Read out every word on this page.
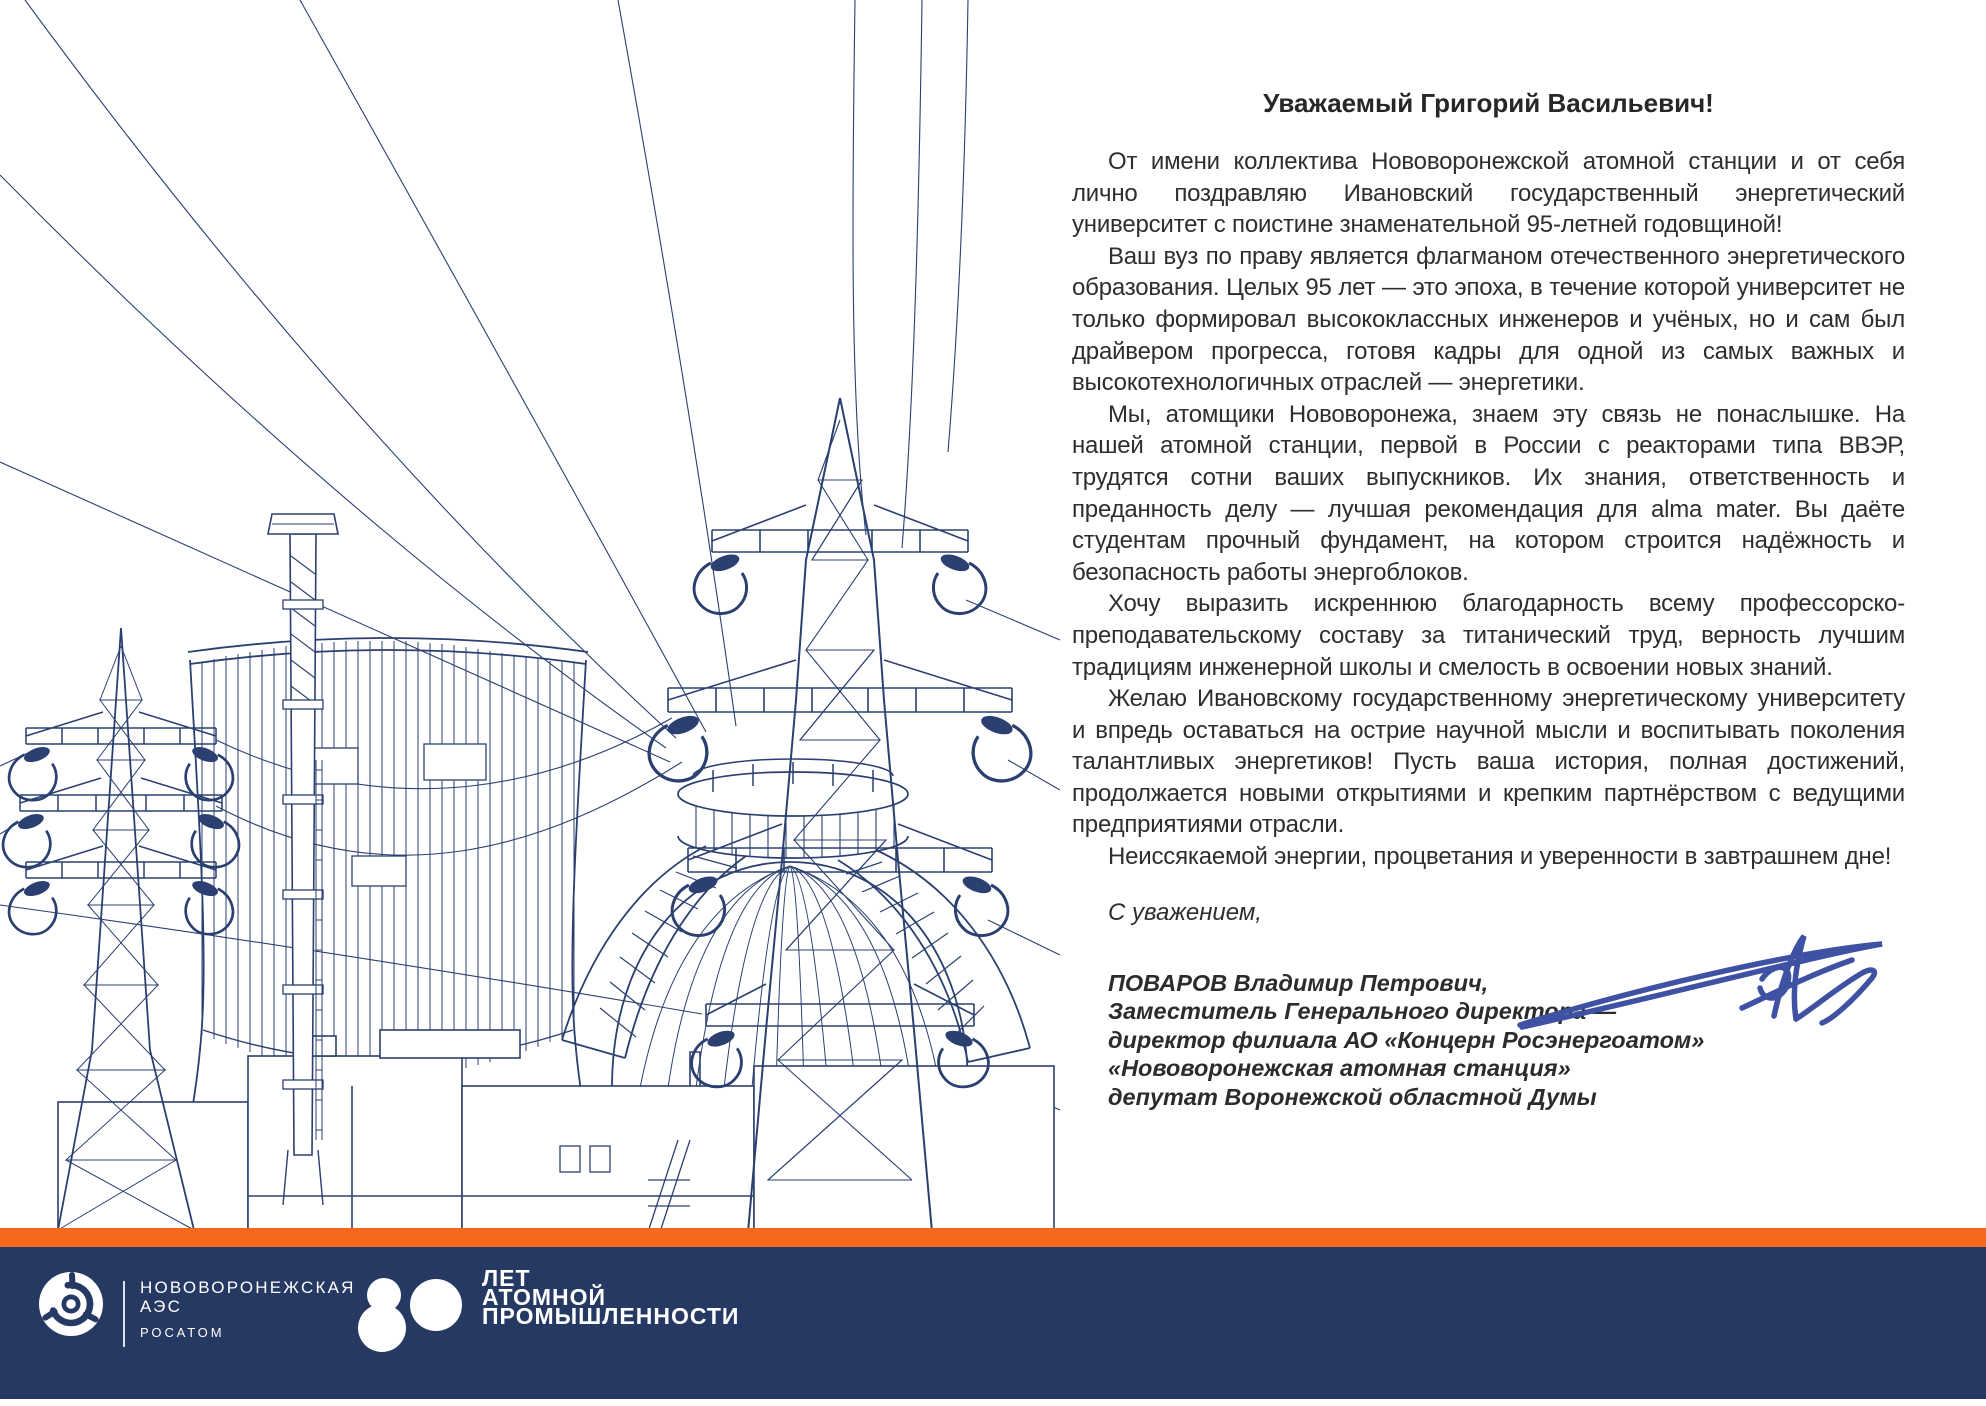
Уважаемый Григорий Васильевич!

От имени коллектива Нововоронежской атомной станции и от себя лично поздравляю Ивановский государственный энергетический университет с поистине знаменательной 95-летней годовщиной!

Ваш вуз по праву является флагманом отечественного энергетического образования. Целых 95 лет — это эпоха, в течение которой университет не только формировал высококлассных инженеров и учёных, но и сам был драйвером прогресса, готовя кадры для одной из самых важных и высокотехнологичных отраслей — энергетики.

Мы, атомщики Нововоронежа, знаем эту связь не понаслышке. На нашей атомной станции, первой в России с реакторами типа ВВЭР, трудятся сотни ваших выпускников. Их знания, ответственность и преданность делу — лучшая рекомендация для alma mater. Вы даёте студентам прочный фундамент, на котором строится надёжность и безопасность работы энергоблоков.

Хочу выразить искреннюю благодарность всему профессорско-преподавательскому составу за титанический труд, верность лучшим традициям инженерной школы и смелость в освоении новых знаний.

Желаю Ивановскому государственному энергетическому университету и впредь оставаться на острие научной мысли и воспитывать поколения талантливых энергетиков! Пусть ваша история, полная достижений, продолжается новыми открытиями и крепким партнёрством с ведущими предприятиями отрасли.

Неиссякаемой энергии, процветания и уверенности в завтрашнем дне!

С уважением,

ПОВАРОВ Владимир Петрович,
Заместитель Генерального директора —
директор филиала АО «Концерн Росэнергоатом»
«Нововоронежская атомная станция»
депутат Воронежской областной Думы
НОВОВОРОНЕЖСКАЯ
АЭС
РОСАТОМ
ЛЕТ
АТОМНОЙ
ПРОМЫШЛЕННОСТИ
